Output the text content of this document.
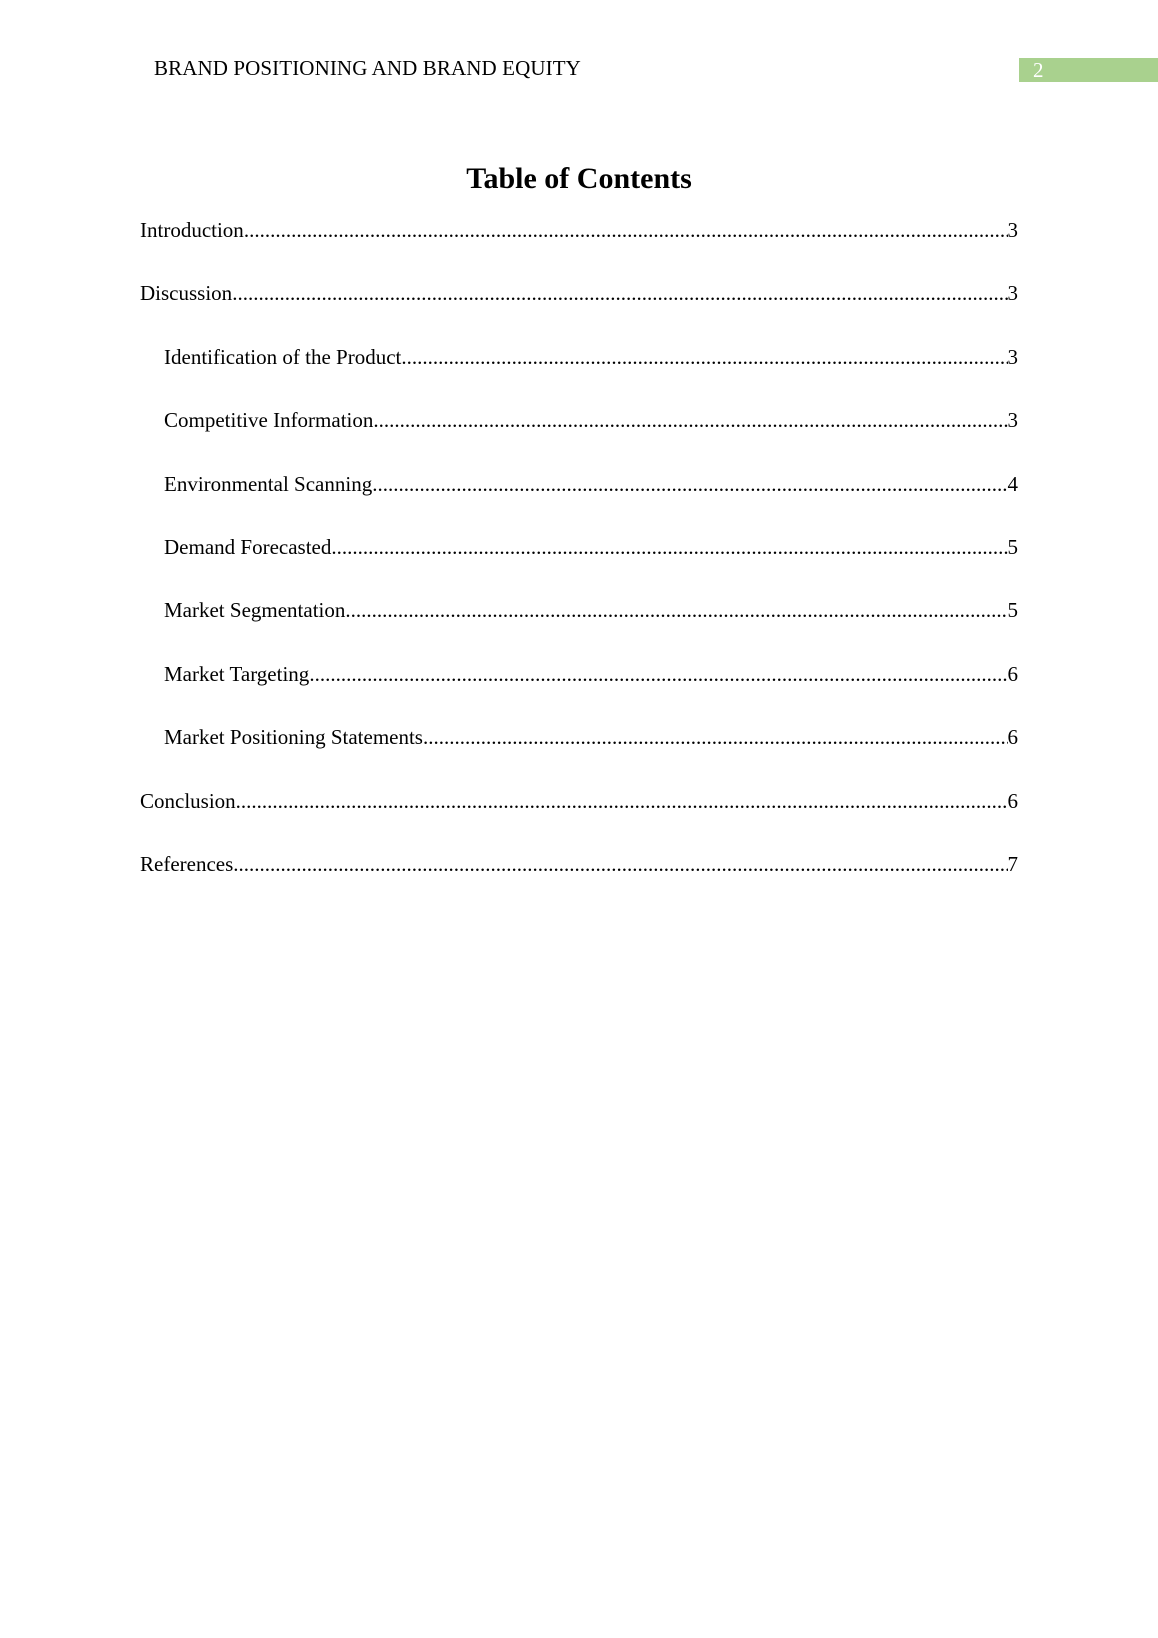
BRAND POSITIONING AND BRAND EQUITY	2
Table of Contents
Introduction .....	3
Discussion .....	3
Identification of the Product .....	3
Competitive Information .....	3
Environmental Scanning .....	4
Demand Forecasted .....	5
Market Segmentation .....	5
Market Targeting .....	6
Market Positioning Statements .....	6
Conclusion .....	6
References .....	7
